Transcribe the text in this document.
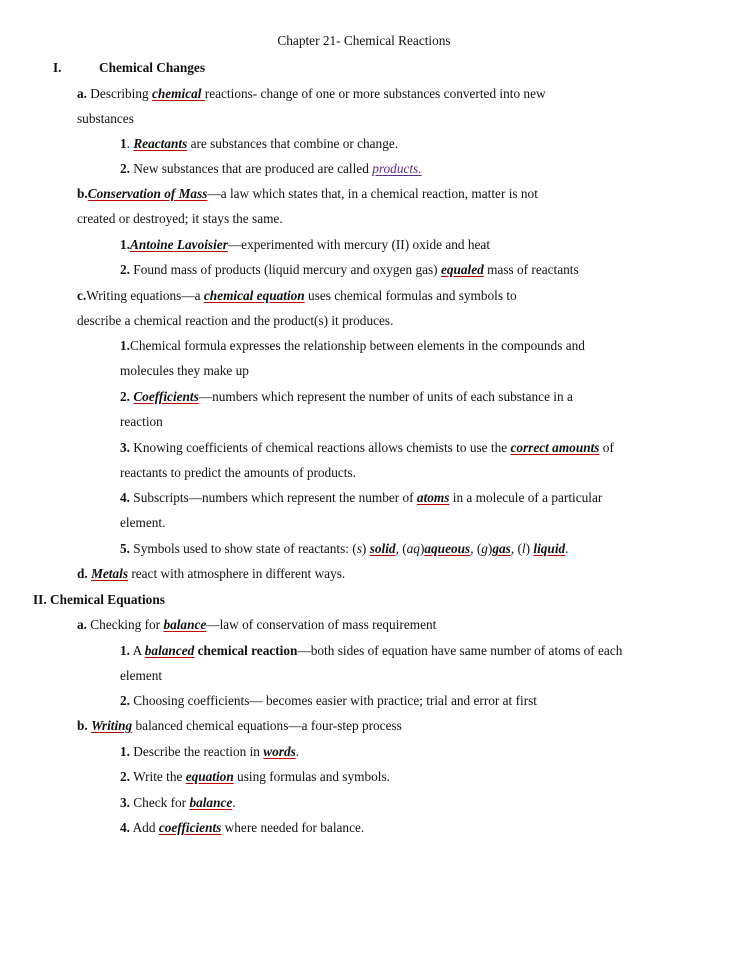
Chapter 21- Chemical Reactions
I.	Chemical Changes
a. Describing chemical reactions- change of one or more substances converted into new
substances
1. Reactants are substances that combine or change.
2. New substances that are produced are called products.
b.Conservation of Mass—a law which states that, in a chemical reaction, matter is not
created or destroyed; it stays the same.
1.Antoine Lavoisier—experimented with mercury (II) oxide and heat
2. Found mass of products (liquid mercury and oxygen gas) equaled mass of reactants
c.Writing equations—a chemical equation uses chemical formulas and symbols to
describe a chemical reaction and the product(s) it produces.
1.Chemical formula expresses the relationship between elements in the compounds and
molecules they make up
2. Coefficients—numbers which represent the number of units of each substance in a
reaction
3. Knowing coefficients of chemical reactions allows chemists to use the correct amounts of
reactants to predict the amounts of products.
4. Subscripts—numbers which represent the number of atoms in a molecule of a particular
element.
5. Symbols used to show state of reactants: (s) solid, (aq)aqueous, (g)gas, (l) liquid.
d. Metals react with atmosphere in different ways.
II. Chemical Equations
a. Checking for balance—law of conservation of mass requirement
1. A balanced chemical reaction—both sides of equation have same number of atoms of each
element
2. Choosing coefficients— becomes easier with practice; trial and error at first
b. Writing balanced chemical equations—a four-step process
1. Describe the reaction in words.
2. Write the equation using formulas and symbols.
3. Check for balance.
4. Add coefficients where needed for balance.
